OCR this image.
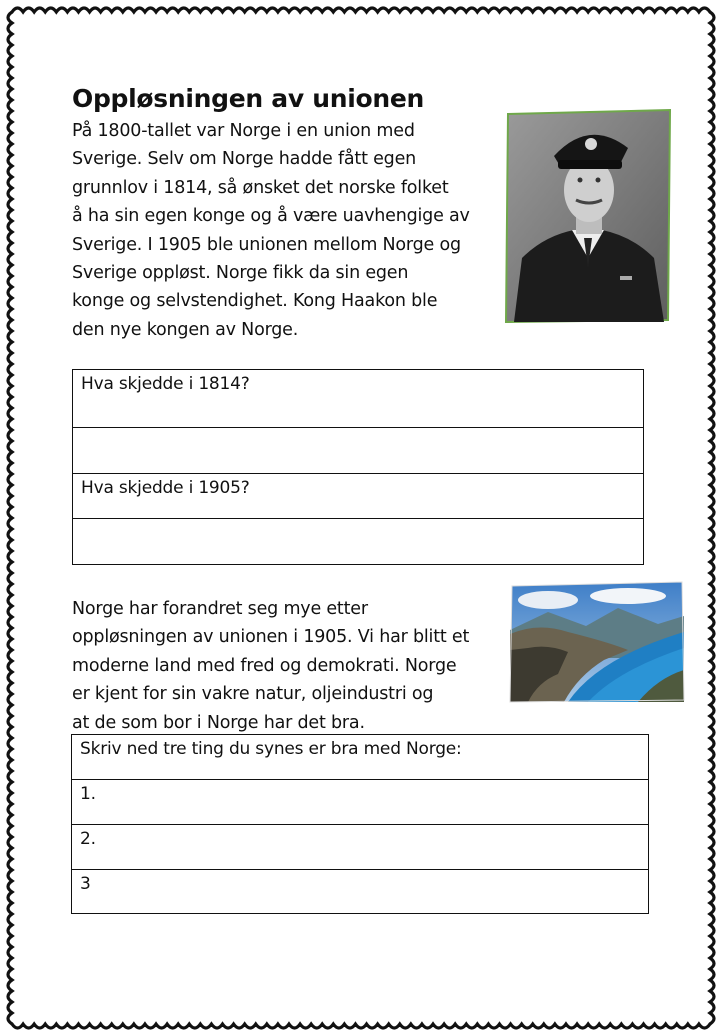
Oppløsningen av unionen
På 1800-tallet var Norge i en union med
Sverige. Selv om Norge hadde fått egen
grunnlov i 1814, så ønsket det norske folket
å ha sin egen konge og å være uavhengige av
Sverige. I 1905 ble unionen mellom Norge og
Sverige oppløst. Norge fikk da sin egen
konge og selvstendighet. Kong Haakon ble
den nye kongen av Norge.
Hva skjedde i 1814?

Hva skjedde i 1905?

Norge har forandret seg mye etter
oppløsningen av unionen i 1905. Vi har blitt et
moderne land med fred og demokrati. Norge
er kjent for sin vakre natur, oljeindustri og
at de som bor i Norge har det bra.
Skriv ned tre ting du synes er bra med Norge:
1.
2.
3
